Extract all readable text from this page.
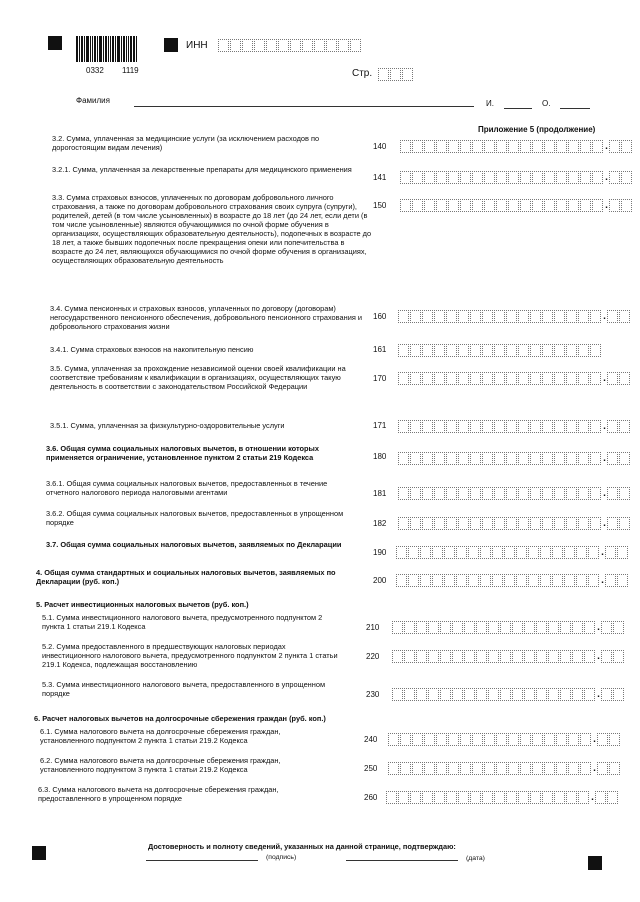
0332 1119
ИНН
Стр.
Фамилия	И.	О.
Приложение 5 (продолжение)
3.2. Сумма, уплаченная за медицинские услуги (за исключением расходов по дорогостоящим видам лечения)	140	.
3.2.1. Сумма, уплаченная за лекарственные препараты для медицинского применения
141	.
3.3. Сумма страховых взносов, уплаченных по договорам добровольного личного страхования, а также по договорам добровольного страхования своих супруга (супруги), родителей, детей (в том числе усыновленных) в возрасте до 18 лет (до 24 лет, если дети (в том числе усыновленные) являются обучающимися по очной форме обучения в организациях, осуществляющих образовательную деятельность), подопечных в возрасте до 18 лет, а также бывших подопечных после прекращения опеки или попечительства в возрасте до 24 лет, являющихся обучающимися по очной форме обучения в организациях, осуществляющих образовательную деятельность
150	.
3.4. Сумма пенсионных и страховых взносов, уплаченных по договору (договорам) негосударственного пенсионного обеспечения, добровольного пенсионного страхования и добровольного страхования жизни
160	.
3.4.1. Сумма страховых взносов на накопительную пенсию	161
3.5. Сумма, уплаченная за прохождение независимой оценки своей квалификации на соответствие требованиям к квалификации в организациях, осуществляющих такую деятельность в соответствии с законодательством Российской Федерации
170	.
3.5.1. Сумма, уплаченная за физкультурно-оздоровительные услуги	171	.
3.6. Общая сумма социальных налоговых вычетов, в отношении которых применяется ограничение, установленное пунктом 2 статьи 219 Кодекса	180	.
3.6.1. Общая сумма социальных налоговых вычетов, предоставленных в течение отчетного налогового периода налоговыми агентами	181	.
3.6.2. Общая сумма социальных налоговых вычетов, предоставленных в упрощенном порядке	182	.
3.7. Общая сумма социальных налоговых вычетов, заявляемых по Декларации
190	.
4. Общая сумма стандартных и социальных налоговых вычетов, заявляемых по Декларации (руб. коп.)	200	.
5. Расчет инвестиционных налоговых вычетов (руб. коп.)
5.1. Сумма инвестиционного налогового вычета, предусмотренного подпунктом 2 пункта 1 статьи 219.1 Кодекса	210	.
5.2. Сумма предоставленного в предшествующих налоговых периодах инвестиционного налогового вычета, предусмотренного подпунктом 2 пункта 1 статьи 219.1 Кодекса, подлежащая восстановлению
220	.
5.3. Сумма инвестиционного налогового вычета, предоставленного в упрощенном порядке	230	.
6. Расчет налоговых вычетов на долгосрочные сбережения граждан (руб. коп.)
6.1. Сумма налогового вычета на долгосрочные сбережения граждан, установленного подпунктом 2 пункта 1 статьи 219.2 Кодекса	240	.
6.2. Сумма налогового вычета на долгосрочные сбережения граждан, установленного подпунктом 3 пункта 1 статьи 219.2 Кодекса	250	.
6.3. Сумма налогового вычета на долгосрочные сбережения граждан, предоставленного в упрощенном порядке	260	.
Достоверность и полноту сведений, указанных на данной странице, подтверждаю:
(подпись)	(дата)
